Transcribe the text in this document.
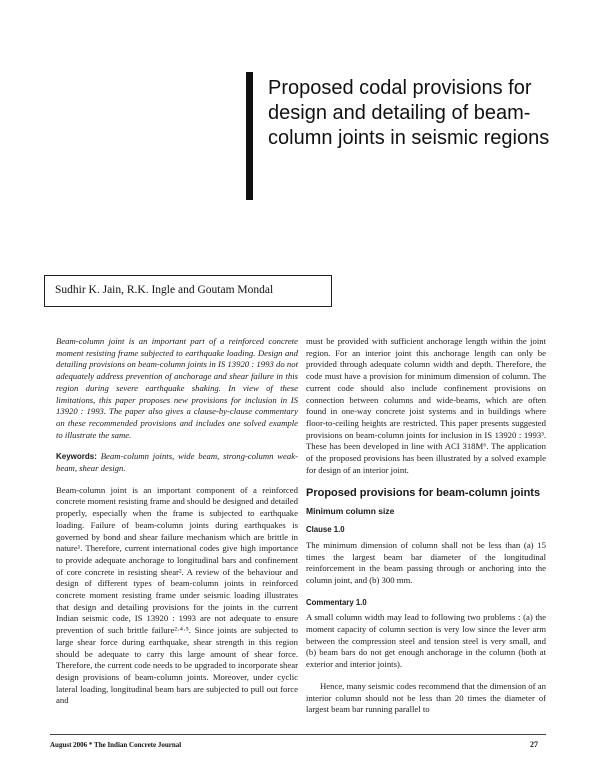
Proposed codal provisions for design and detailing of beam-column joints in seismic regions
Sudhir K. Jain, R.K. Ingle and Goutam Mondal

Beam-column joint is an important part of a reinforced concrete moment resisting frame subjected to earthquake loading. Design and detailing provisions on beam-column joints in IS 13920 : 1993 do not adequately address prevention of anchorage and shear failure in this region during severe earthquake shaking. In view of these limitations, this paper proposes new provisions for inclusion in IS 13920 : 1993. The paper also gives a clause-by-clause commentary on these recommended provisions and includes one solved example to illustrate the same.

Keywords: Beam-column joints, wide beam, strong-column weak-beam, shear design.

Beam-column joint is an important component of a reinforced concrete moment resisting frame and should be designed and detailed properly, especially when the frame is subjected to earthquake loading. Failure of beam-column joints during earthquakes is governed by bond and shear failure mechanism which are brittle in nature¹. Therefore, current international codes give high importance to provide adequate anchorage to longitudinal bars and confinement of core concrete in resisting shear². A review of the behaviour and design of different types of beam-column joints in reinforced concrete moment resisting frame under seismic loading illustrates that design and detailing provisions for the joints in the current Indian seismic code, IS 13920 : 1993 are not adequate to ensure prevention of such brittle failure²·⁴·⁵. Since joints are subjected to large shear force during earthquake, shear strength in this region should be adequate to carry this large amount of shear force. Therefore, the current code needs to be upgraded to incorporate shear design provisions of beam-column joints. Moreover, under cyclic lateral loading, longitudinal beam bars are subjected to pull out force and

must be provided with sufficient anchorage length within the joint region. For an interior joint this anchorage length can only be provided through adequate column width and depth. Therefore, the code must have a provision for minimum dimension of column. The current code should also include confinement provisions on connection between columns and wide-beams, which are often found in one-way concrete joist systems and in buildings where floor-to-ceiling heights are restricted. This paper presents suggested provisions on beam-column joints for inclusion in IS 13920 : 1993³. These has been developed in line with ACI 318M⁶. The application of the proposed provisions has been illustrated by a solved example for design of an interior joint.

Proposed provisions for beam-column joints
Minimum column size
Clause 1.0

The minimum dimension of column shall not be less than (a) 15 times the largest beam bar diameter of the longitudinal reinforcement in the beam passing through or anchoring into the column joint, and (b) 300 mm.

Commentary 1.0

A small column width may lead to following two problems : (a) the moment capacity of column section is very low since the lever arm between the compression steel and tension steel is very small, and (b) beam bars do not get enough anchorage in the column (both at exterior and interior joints).

Hence, many seismic codes recommend that the dimension of an interior column should not be less than 20 times the diameter of largest beam bar running parallel to

August 2006 * The Indian Concrete Journal	27
